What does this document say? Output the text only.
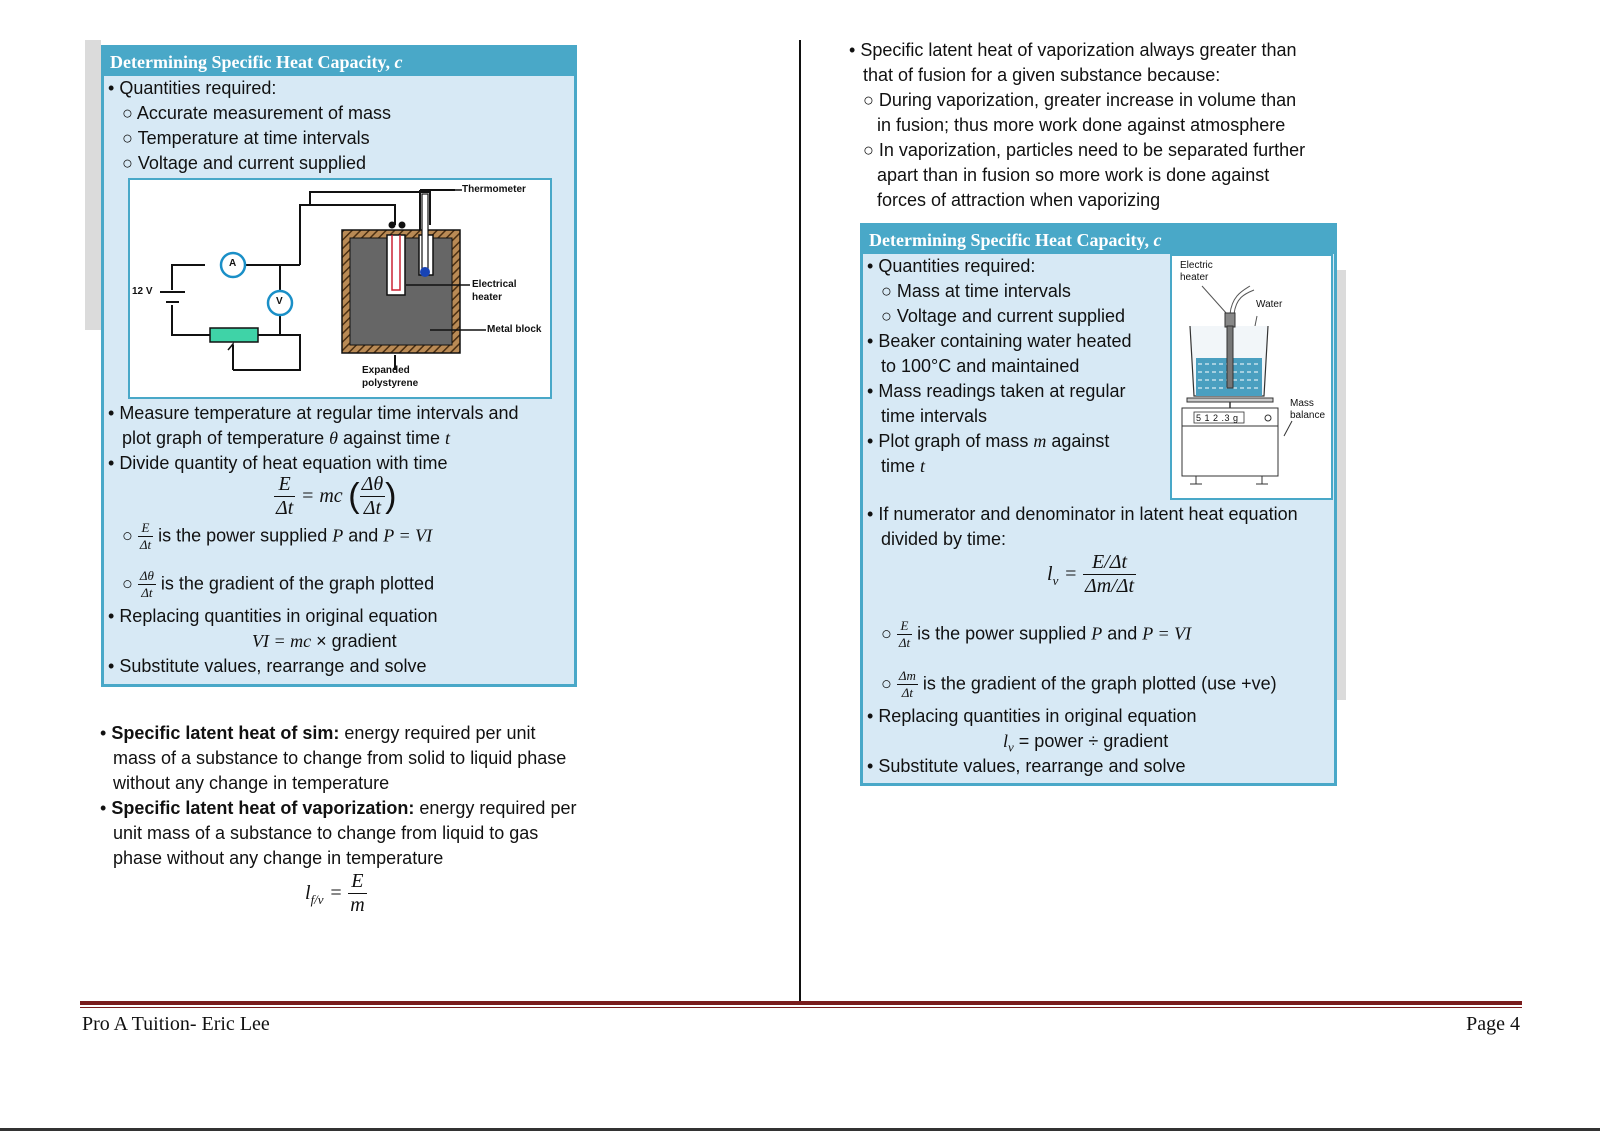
Determining Specific Heat Capacity, c
• Quantities required:
○ Accurate measurement of mass
○ Temperature at time intervals
○ Voltage and current supplied
Thermometer
12 V
A
V
Electrical
heater
Metal block
Expanded
polystyrene
• Measure temperature at regular time intervals and
plot graph of temperature θ against time t
• Divide quantity of heat equation with time
$\frac{E}{\Delta t}$ = mc ( $\frac{\Delta\theta}{\Delta t}$ )
○ $\frac{E}{\Delta t}$ is the power supplied P and P = VI
○ $\frac{\Delta\theta}{\Delta t}$ is the gradient of the graph plotted
• Replacing quantities in original equation
VI = mc × gradient
• Substitute values, rearrange and solve
• Specific latent heat of sim: energy required per unit
mass of a substance to change from solid to liquid phase
without any change in temperature
• Specific latent heat of vaporization: energy required per
unit mass of a substance to change from liquid to gas
phase without any change in temperature
$l_{f/v} = \frac{E}{m}$
• Specific latent heat of vaporization always greater than
that of fusion for a given substance because:
○ During vaporization, greater increase in volume than
in fusion; thus more work done against atmosphere
○ In vaporization, particles need to be separated further
apart than in fusion so more work is done against
forces of attraction when vaporizing
Determining Specific Heat Capacity, c
• Quantities required:
○ Mass at time intervals
○ Voltage and current supplied
• Beaker containing water heated
to 100°C and maintained
• Mass readings taken at regular
time intervals
• Plot graph of mass m against
time t
Electric
heater
Water
Mass
balance
5 1 2 .3 g
• If numerator and denominator in latent heat equation
divided by time:
$l_v = \frac{E/\Delta t}{\Delta m/\Delta t}$
○ $\frac{E}{\Delta t}$ is the power supplied P and P = VI
○ $\frac{\Delta m}{\Delta t}$ is the gradient of the graph plotted (use +ve)
• Replacing quantities in original equation
$l_v$ = power ÷ gradient
• Substitute values, rearrange and solve
Pro A Tuition- Eric Lee	Page 4
